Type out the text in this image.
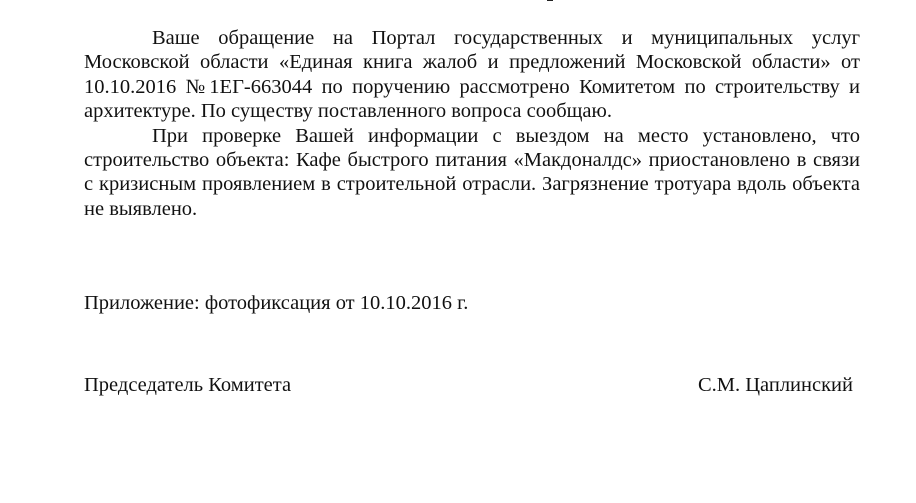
Ваше обращение на Портал государственных и муниципальных услуг Московской области «Единая книга жалоб и предложений Московской области» от 10.10.2016 №1ЕГ-663044 по поручению рассмотрено Комитетом по строительству и архитектуре. По существу поставленного вопроса сообщаю.

При проверке Вашей информации с выездом на место установлено, что строительство объекта: Кафе быстрого питания «Макдоналдс» приостановлено в связи с кризисным проявлением в строительной отрасли. Загрязнение тротуара вдоль объекта не выявлено.

Приложение: фотофиксация от 10.10.2016 г.
Председатель Комитета	С.М. Цаплинский
